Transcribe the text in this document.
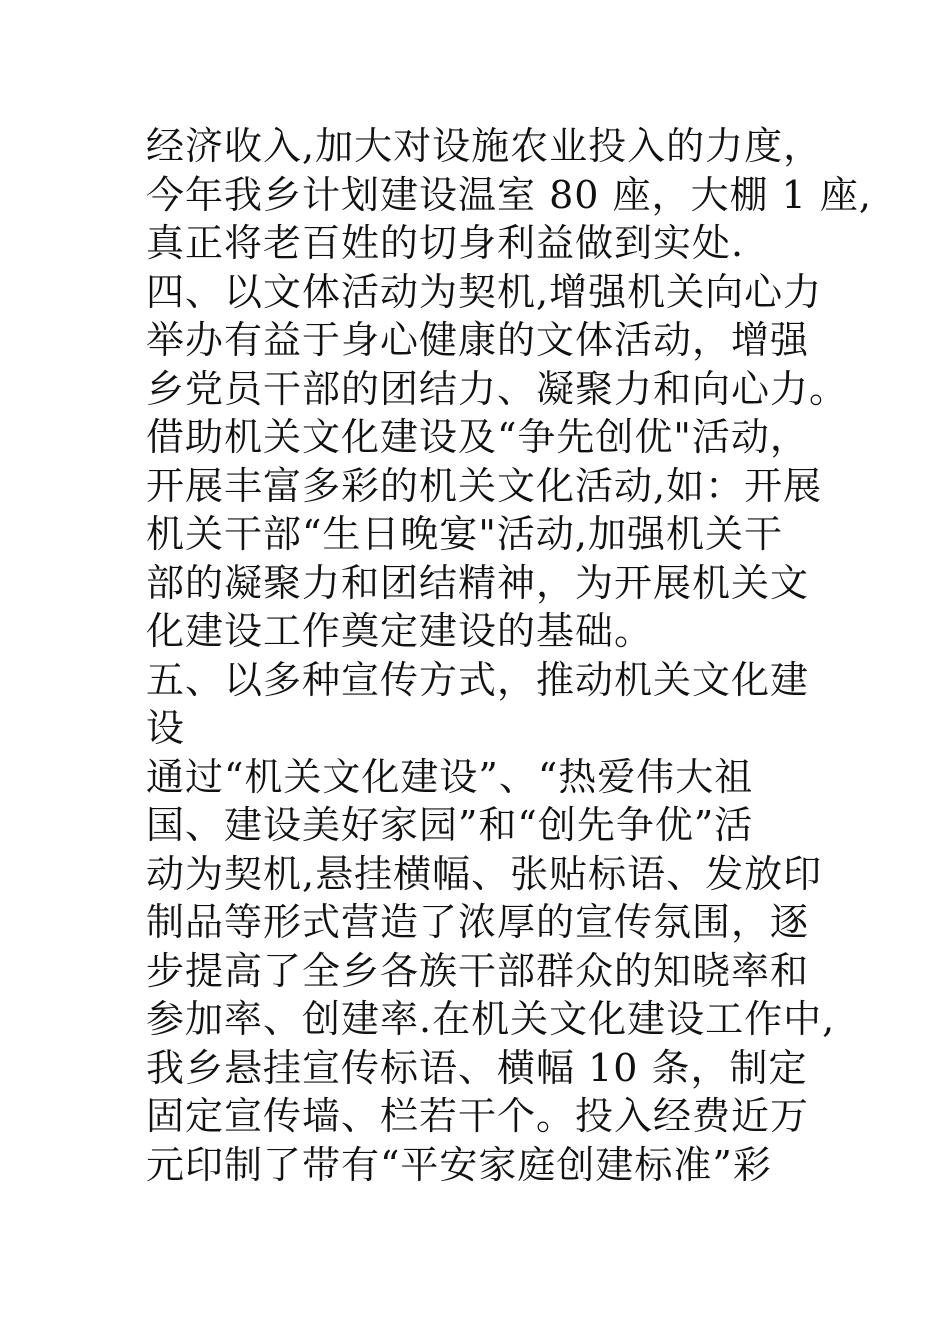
经济收入,加大对设施农业投入的力度，
今年我乡计划建设温室 80 座，大棚 1 座,
真正将老百姓的切身利益做到实处.
四、以文体活动为契机,增强机关向心力
举办有益于身心健康的文体活动，增强
乡党员干部的团结力、凝聚力和向心力。
借助机关文化建设及“争先创优"活动，
开展丰富多彩的机关文化活动,如：开展
机关干部“生日晚宴"活动,加强机关干
部的凝聚力和团结精神，为开展机关文
化建设工作奠定建设的基础。
五、以多种宣传方式，推动机关文化建
设
通过“机关文化建设”、“热爱伟大祖
国、建设美好家园”和“创先争优”活
动为契机,悬挂横幅、张贴标语、发放印
制品等形式营造了浓厚的宣传氛围，逐
步提高了全乡各族干部群众的知晓率和
参加率、创建率.在机关文化建设工作中,
我乡悬挂宣传标语、横幅 10 条，制定
固定宣传墙、栏若干个。投入经费近万
元印制了带有“平安家庭创建标准”彩
